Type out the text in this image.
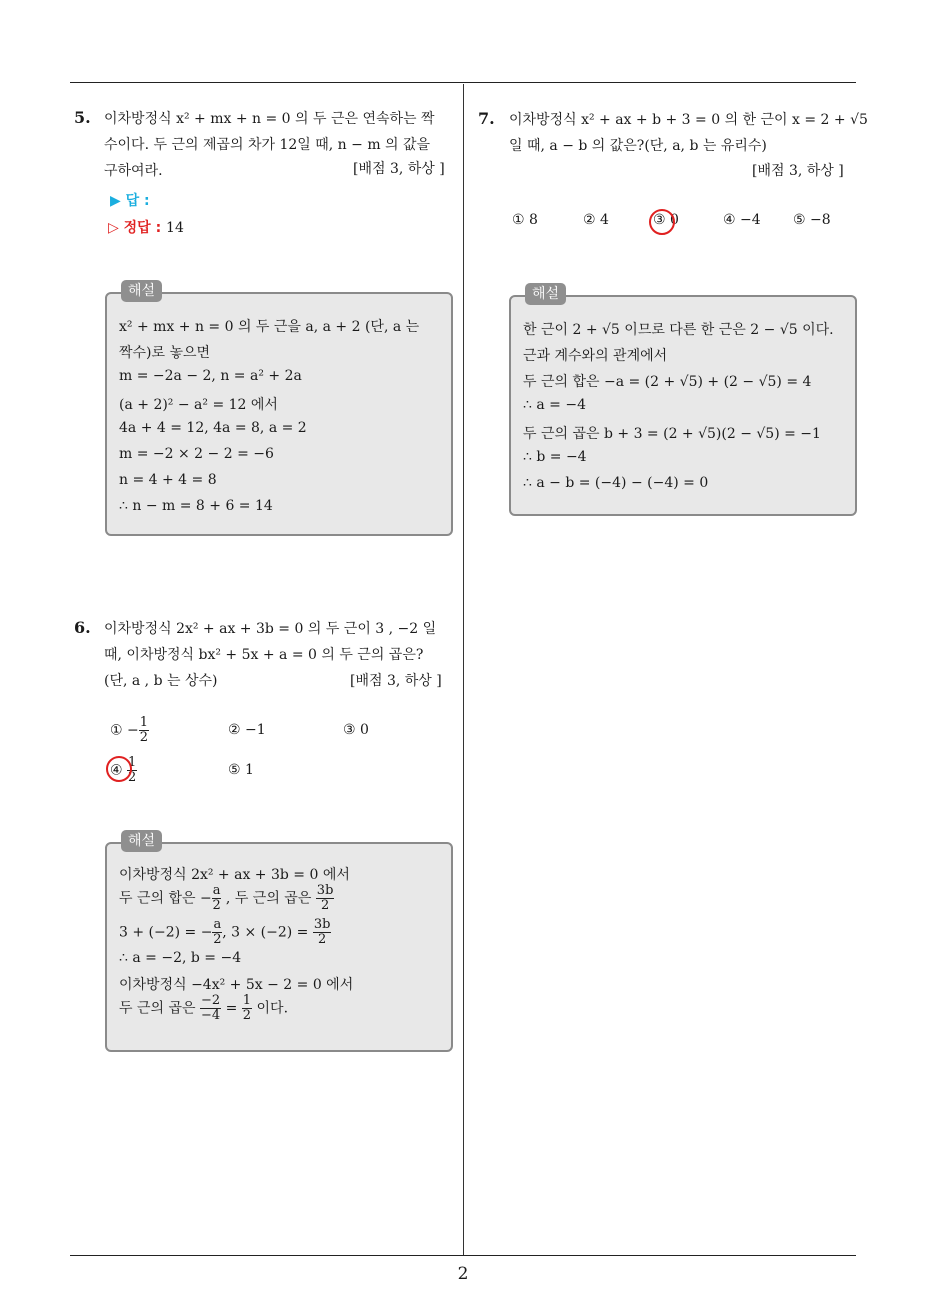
2
5. 이차방정식 x² + mx + n = 0 의 두 근은 연속하는 짝
수이다. 두 근의 제곱의 차가 12일 때, n − m 의 값을
구하여라.	[배점 3, 하상 ]
▶ 답 :
▷ 정답 : 14
해설
x² + mx + n = 0 의 두 근을 a, a + 2 (단, a 는
짝수)로 놓으면
m = −2a − 2, n = a² + 2a
(a + 2)² − a² = 12 에서
4a + 4 = 12, 4a = 8, a = 2
m = −2 × 2 − 2 = −6
n = 4 + 4 = 8
∴ n − m = 8 + 6 = 14
6. 이차방정식 2x² + ax + 3b = 0 의 두 근이 3 , −2 일
때, 이차방정식 bx² + 5x + a = 0 의 두 근의 곱은?
(단, a , b 는 상수)	[배점 3, 하상 ]
① − $\frac{1}{2}$	② −1	③ 0
④ $\frac{1}{2}$	⑤ 1
해설
이차방정식 2x² + ax + 3b = 0 에서
두 근의 합은 − $\frac{a}{2}$ , 두 근의 곱은 $\frac{3b}{2}$
3 + (−2) = − $\frac{a}{2}$ , $3 \times (-2) = \frac{3b}{2}$
∴ a = −2, b = −4
이차방정식 −4x² + 5x − 2 = 0 에서
두 근의 곱은 $\frac{-2}{-4} = \frac{1}{2}$ 이다.
7. 이차방정식 x² + ax + b + 3 = 0 의 한 근이 x = 2 + √5
일 때, a − b 의 값은?(단, a, b 는 유리수)
[배점 3, 하상 ]
① 8	② 4	③ 0	④ −4 ⑤ −8
해설
한 근이 2 + √5 이므로 다른 한 근은 2 − √5 이다.
근과 계수와의 관계에서
두 근의 합은 −a = (2 + √5) + (2 − √5) = 4
∴ a = −4
두 근의 곱은 b + 3 = (2 + √5)(2 − √5) = −1
∴ b = −4
∴ a − b = (−4) − (−4) = 0
